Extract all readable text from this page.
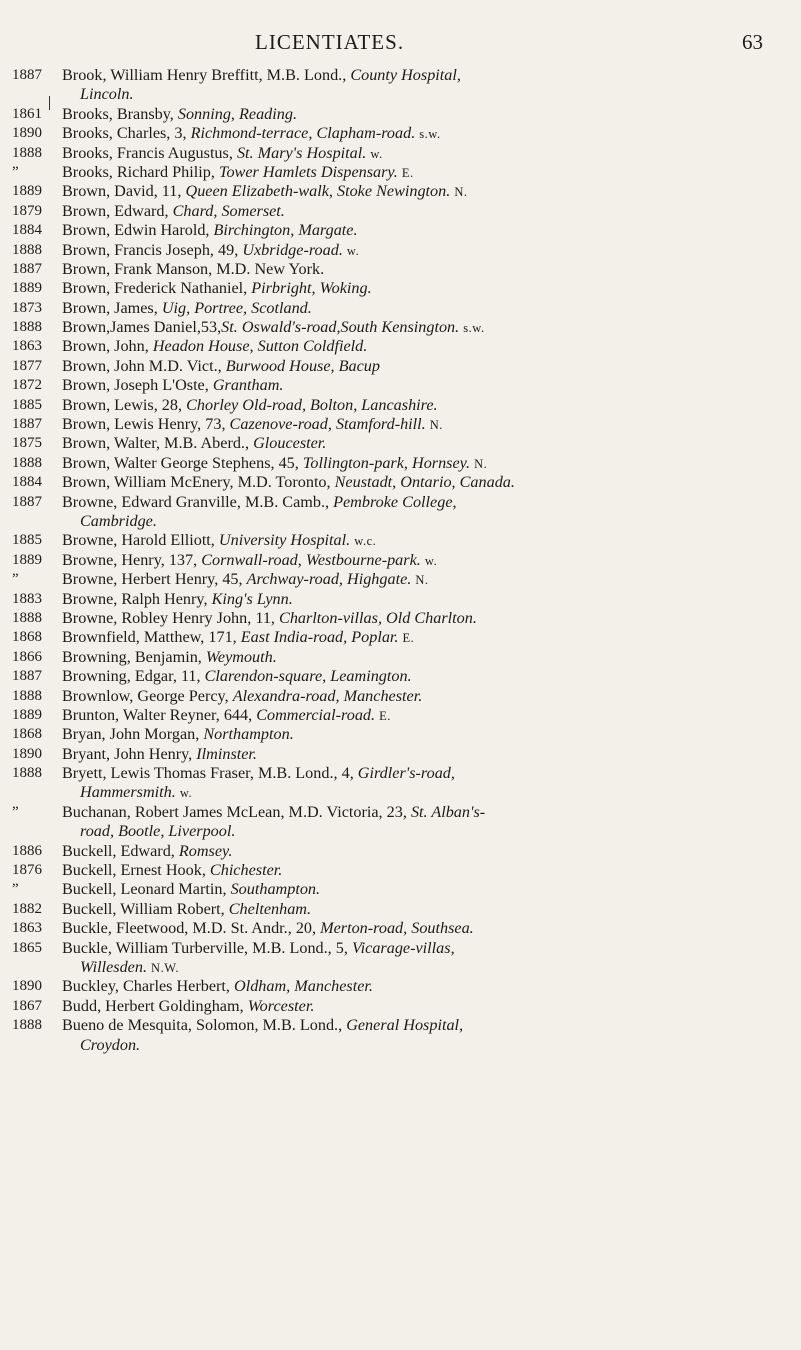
LICENTIATES.	63
1887	Brook, William Henry Breffitt, M.B. Lond., County Hospital,
Lincoln.
1861	Brooks, Bransby, Sonning, Reading.
1890	Brooks, Charles, 3, Richmond-terrace, Clapham-road. s.w.
1888	Brooks, Francis Augustus, St. Mary's Hospital. w.
”	Brooks, Richard Philip, Tower Hamlets Dispensary. E.
1889	Brown, David, 11, Queen Elizabeth-walk, Stoke Newington. N.
1879	Brown, Edward, Chard, Somerset.
1884	Brown, Edwin Harold, Birchington, Margate.
1888	Brown, Francis Joseph, 49, Uxbridge-road. w.
1887	Brown, Frank Manson, M.D. New York.
1889	Brown, Frederick Nathaniel, Pirbright, Woking.
1873	Brown, James, Uig, Portree, Scotland.
1888	Brown,James Daniel,53,St. Oswald's-road,South Kensington. s.w.
1863	Brown, John, Headon House, Sutton Coldfield.
1877	Brown, John M.D. Vict., Burwood House, Bacup
1872	Brown, Joseph L'Oste, Grantham.
1885	Brown, Lewis, 28, Chorley Old-road, Bolton, Lancashire.
1887	Brown, Lewis Henry, 73, Cazenove-road, Stamford-hill. N.
1875	Brown, Walter, M.B. Aberd., Gloucester.
1888	Brown, Walter George Stephens, 45, Tollington-park, Hornsey. N.
1884	Brown, William McEnery, M.D. Toronto, Neustadt, Ontario, Canada.
1887	Browne, Edward Granville, M.B. Camb., Pembroke College,
Cambridge.
1885	Browne, Harold Elliott, University Hospital. w.c.
1889	Browne, Henry, 137, Cornwall-road, Westbourne-park. w.
”	Browne, Herbert Henry, 45, Archway-road, Highgate. N.
1883	Browne, Ralph Henry, King's Lynn.
1888	Browne, Robley Henry John, 11, Charlton-villas, Old Charlton.
1868	Brownfield, Matthew, 171, East India-road, Poplar. E.
1866	Browning, Benjamin, Weymouth.
1887	Browning, Edgar, 11, Clarendon-square, Leamington.
1888	Brownlow, George Percy, Alexandra-road, Manchester.
1889	Brunton, Walter Reyner, 644, Commercial-road. E.
1868	Bryan, John Morgan, Northampton.
1890	Bryant, John Henry, Ilminster.
1888	Bryett, Lewis Thomas Fraser, M.B. Lond., 4, Girdler's-road,
Hammersmith. w.
”	Buchanan, Robert James McLean, M.D. Victoria, 23, St. Alban's-
road, Bootle, Liverpool.
1886	Buckell, Edward, Romsey.
1876	Buckell, Ernest Hook, Chichester.
”	Buckell, Leonard Martin, Southampton.
1882	Buckell, William Robert, Cheltenham.
1863	Buckle, Fleetwood, M.D. St. Andr., 20, Merton-road, Southsea.
1865	Buckle, William Turberville, M.B. Lond., 5, Vicarage-villas,
Willesden. N.W.
1890	Buckley, Charles Herbert, Oldham, Manchester.
1867	Budd, Herbert Goldingham, Worcester.
1888	Bueno de Mesquita, Solomon, M.B. Lond., General Hospital,
Croydon.
